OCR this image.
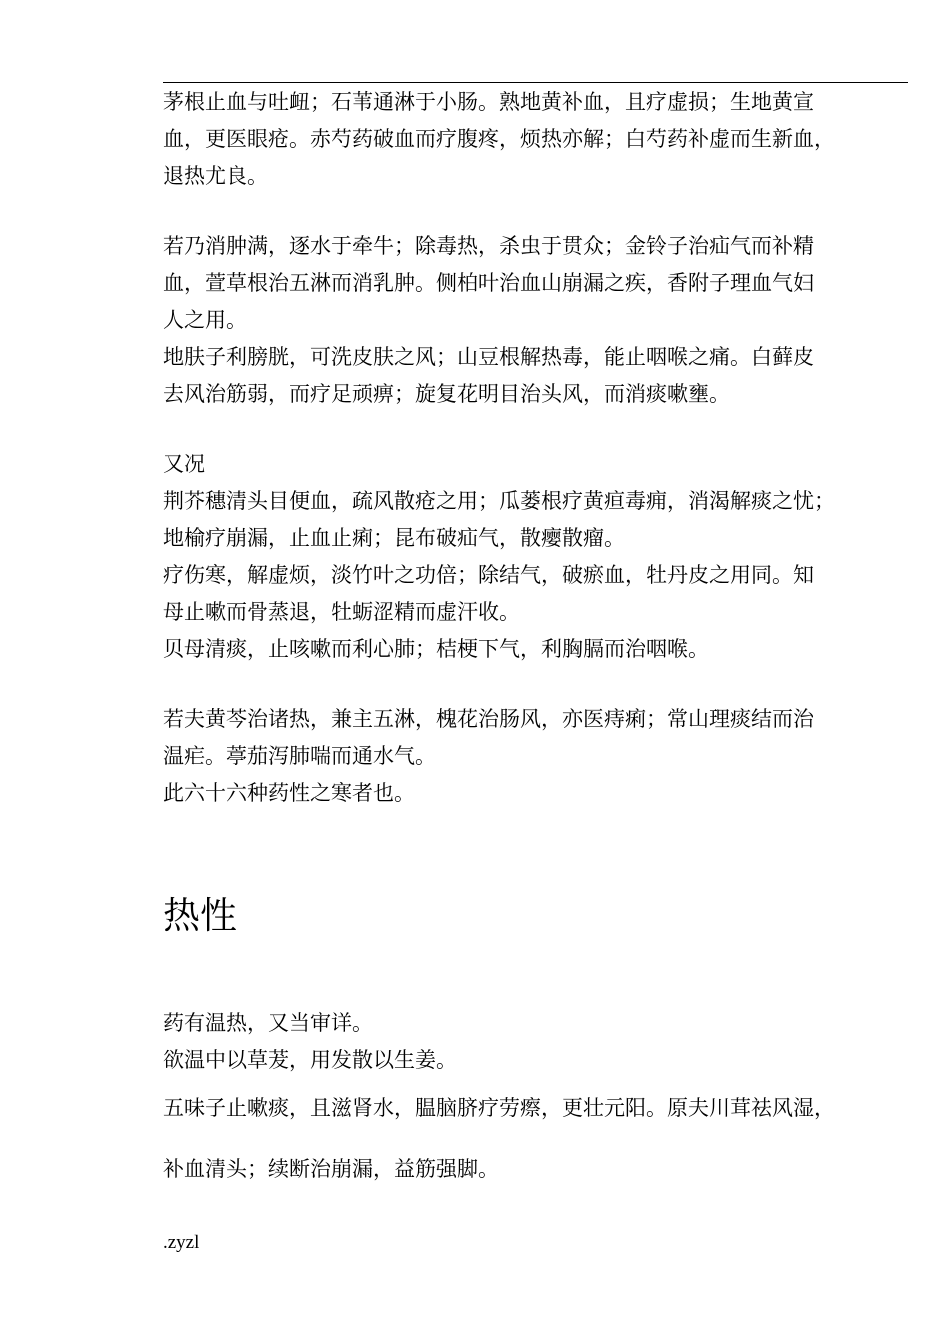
茅根止血与吐衄；石苇通淋于小肠。熟地黄补血，且疗虚损；生地黄宣

血，更医眼疮。赤芍药破血而疗腹疼，烦热亦解；白芍药补虚而生新血，

退热尤良。

若乃消肿满，逐水于牵牛；除毒热，杀虫于贯众；金铃子治疝气而补精

血，萱草根治五淋而消乳肿。侧柏叶治血山崩漏之疾，香附子理血气妇

人之用。

地肤子利膀胱，可洗皮肤之风；山豆根解热毒，能止咽喉之痛。白藓皮

去风治筋弱，而疗足顽痹；旋复花明目治头风，而消痰嗽壅。

又况

荆芥穗清头目便血，疏风散疮之用；瓜蒌根疗黄疸毒痈，消渴解痰之忧；

地榆疗崩漏，止血止痢；昆布破疝气，散瘿散瘤。

疗伤寒，解虚烦，淡竹叶之功倍；除结气，破瘀血，牡丹皮之用同。知

母止嗽而骨蒸退，牡蛎涩精而虚汗收。

贝母清痰，止咳嗽而利心肺；桔梗下气，利胸膈而治咽喉。

若夫黄芩治诸热，兼主五淋，槐花治肠风，亦医痔痢；常山理痰结而治

温疟。葶茄泻肺喘而通水气。

此六十六种药性之寒者也。

热性

药有温热，又当审详。

欲温中以草茇，用发散以生姜。

五味子止嗽痰，且滋肾水，腽脑脐疗劳瘵，更壮元阳。原夫川茸祛风湿，

补血清头；续断治崩漏，益筋强脚。

.zyzl
